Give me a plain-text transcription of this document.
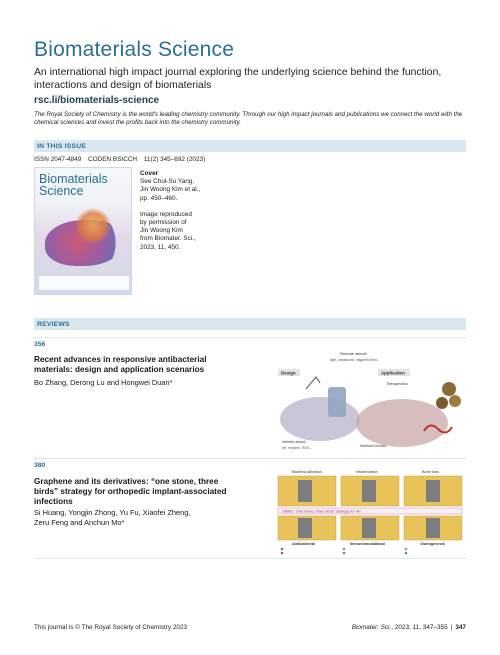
Biomaterials Science
An international high impact journal exploring the underlying science behind the function, interactions and design of biomaterials
rsc.li/biomaterials-science
The Royal Society of Chemistry is the world's leading chemistry community. Through our high impact journals and publications we connect the world with the chemical sciences and invest the profits back into the chemistry community.
IN THIS ISSUE
ISSN 2047-4849 CODEN BSICCH 11(2) 345–692 (2023)
Biomaterials Science
Cover
See Chul-Su Yang,
Jin Woong Kim et al.,
pp. 450–460.
Image reproduced
by permission of
Jin Woong Kim
from Biomater. Sci.,
2023, 11, 450.
REVIEWS
356
Recent advances in responsive antibacterial
materials: design and application scenarios
Bo Zhang, Derong Lu and Hongwei Duan*
Remote stimuli
light, ultrasound, magnetic field...
Design	Application
Therapeutics
Intrinsic stimuli
pH, enzyme, ROS...	Medical Devices
380
Graphene and its derivatives: “one stone, three
birds” strategy for orthopedic implant-associated
infections
Si Huang, Yongjin Zhong, Yu Fu, Xiaofei Zheng,
Zeru Feng and Anchun Mo*
Bacteria adhesion	Inflammation	Bone loss
GBMs: “One stone, three birds” strategy for IAI
Antibacterial	Immunomodulation	Osteogenesis
This journal is © The Royal Society of Chemistry 2023	Biomater. Sci., 2023, 11, 347–355 | 347
